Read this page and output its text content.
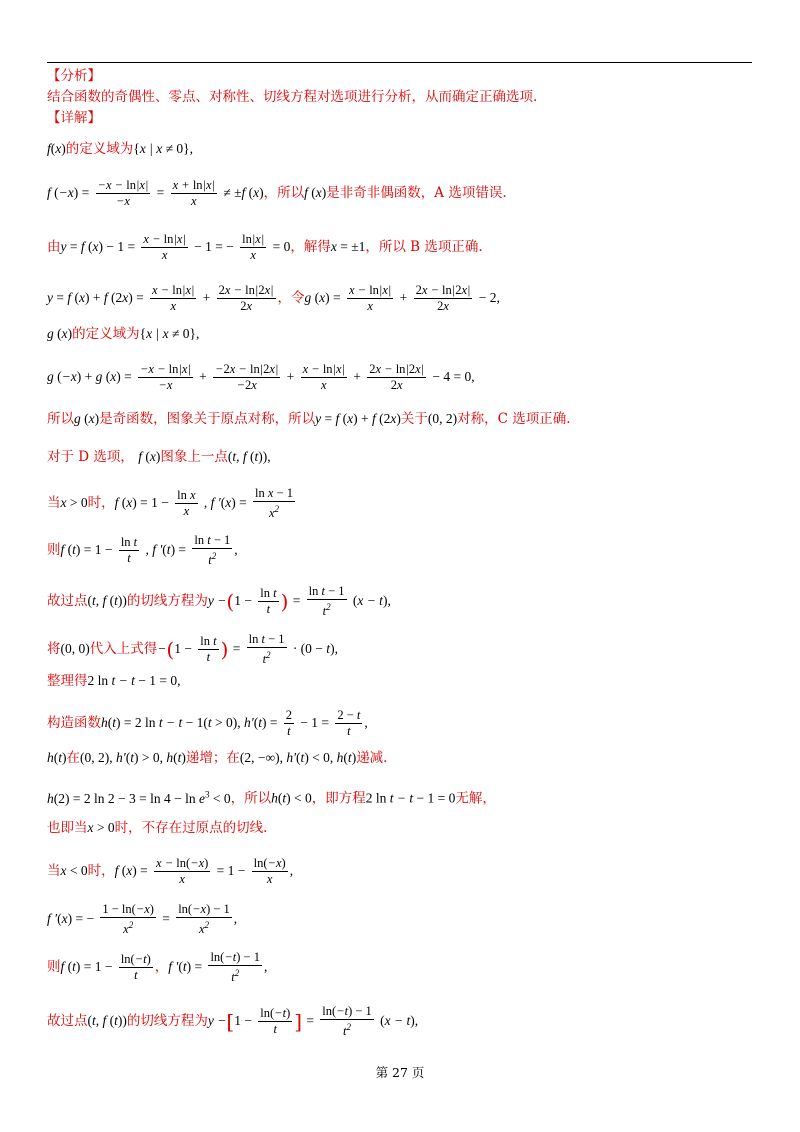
【分析】
结合函数的奇偶性、零点、对称性、切线方程对选项进行分析，从而确定正确选项.
【详解】
f(x)的定义域为{x | x ≠ 0},
f $(-x) = \frac{-x - \ln|x|}{-x} = \frac{x + \ln|x|}{x} \ne \pm f$ (x)，所以f (x)是非奇非偶函数，A 选项错误.
由y = f $(x) - 1 = \frac{x - \ln|x|}{x} - 1$ = − $\frac{\ln|x|}{x} = 0$，解得x = ±1，所以 B 选项正确.
y = f (x) + f $(2x) = \frac{x - \ln|x|}{x} + \frac{2x - \ln|2x|}{2x}$ ，令g $(x) = \frac{x - \ln|x|}{x} + \frac{2x - \ln|2x|}{2x} - 2$,
g (x)的定义域为{x | x ≠ 0},
g (−x) + g $(x) = \frac{-x - \ln|x|}{-x} + \frac{-2x - \ln|2x|}{-2x} + \frac{x - \ln|x|}{x} + \frac{2x - \ln|2x|}{2x} - 4 = 0$,
所以g (x)是奇函数，图象关于原点对称，所以y = f (x) + f (2x)关于(0, 2)对称，C 选项正确.
对于 D 选项， f (x)图象上一点(t, f (t)),
当x > 0时，f $(x) = 1 - \frac{\text{ln x}}{x}$ , f $'(x) = \frac{\text{ln x − 1}}{x^2}$
则f $(t) = 1 - \frac{\text{ln t}}{t}$ , f $'(t) = \frac{\text{ln t − 1}}{t^2}$ ,
故过点(t, f (t))的切线方程为$y -(1 - \frac{\text{ln t}}{t}$ ) = $\frac{\text{ln t − 1}}{t^2} (x - t)$,
将(0, 0)代入上式得$-(1 - \frac{\text{ln t}}{t}$ ) = $\frac{\text{ln t − 1}}{t^2} \cdot (0 - t)$,
整理得2 ln t − t − 1 = 0,
构造函数h(t) = 2 ln t − t − 1(t > 0), $h'(t) = \frac{2}{t} - 1 = \frac{2 - t}{t}$ ,
h(t)在(0, 2), h′(t) > 0, h(t)递增；在(2, −∞), h′(t) < 0, h(t)递减.
h(2) = 2 $\ln 2 - 3 = \ln 4 - \ln e^3 < 0$，所以h(t) < 0，即方程2 ln t − t − 1 = 0无解，
也即当x > 0时，不存在过原点的切线.
当x < 0时，f $(x) = \frac{x - \ln(-x)}{x} = 1 - \frac{\ln(-x)}{x}$ ,
f ′(x) = − $\frac{1 - \ln(-x)}{x^2} = \frac{\ln(-x) - 1}{x^2}$ ,
则f $(t) = 1 - \frac{\ln(-t)}{t}$ ，f $'(t) = \frac{\ln(-t) - 1}{t^2}$ ,
故过点(t, f (t))的切线方程为$y -[1 - \frac{\ln(-t)}{t}$ ] = $\frac{\ln(-t) - 1}{t^2} (x - t)$,
第 27 页
